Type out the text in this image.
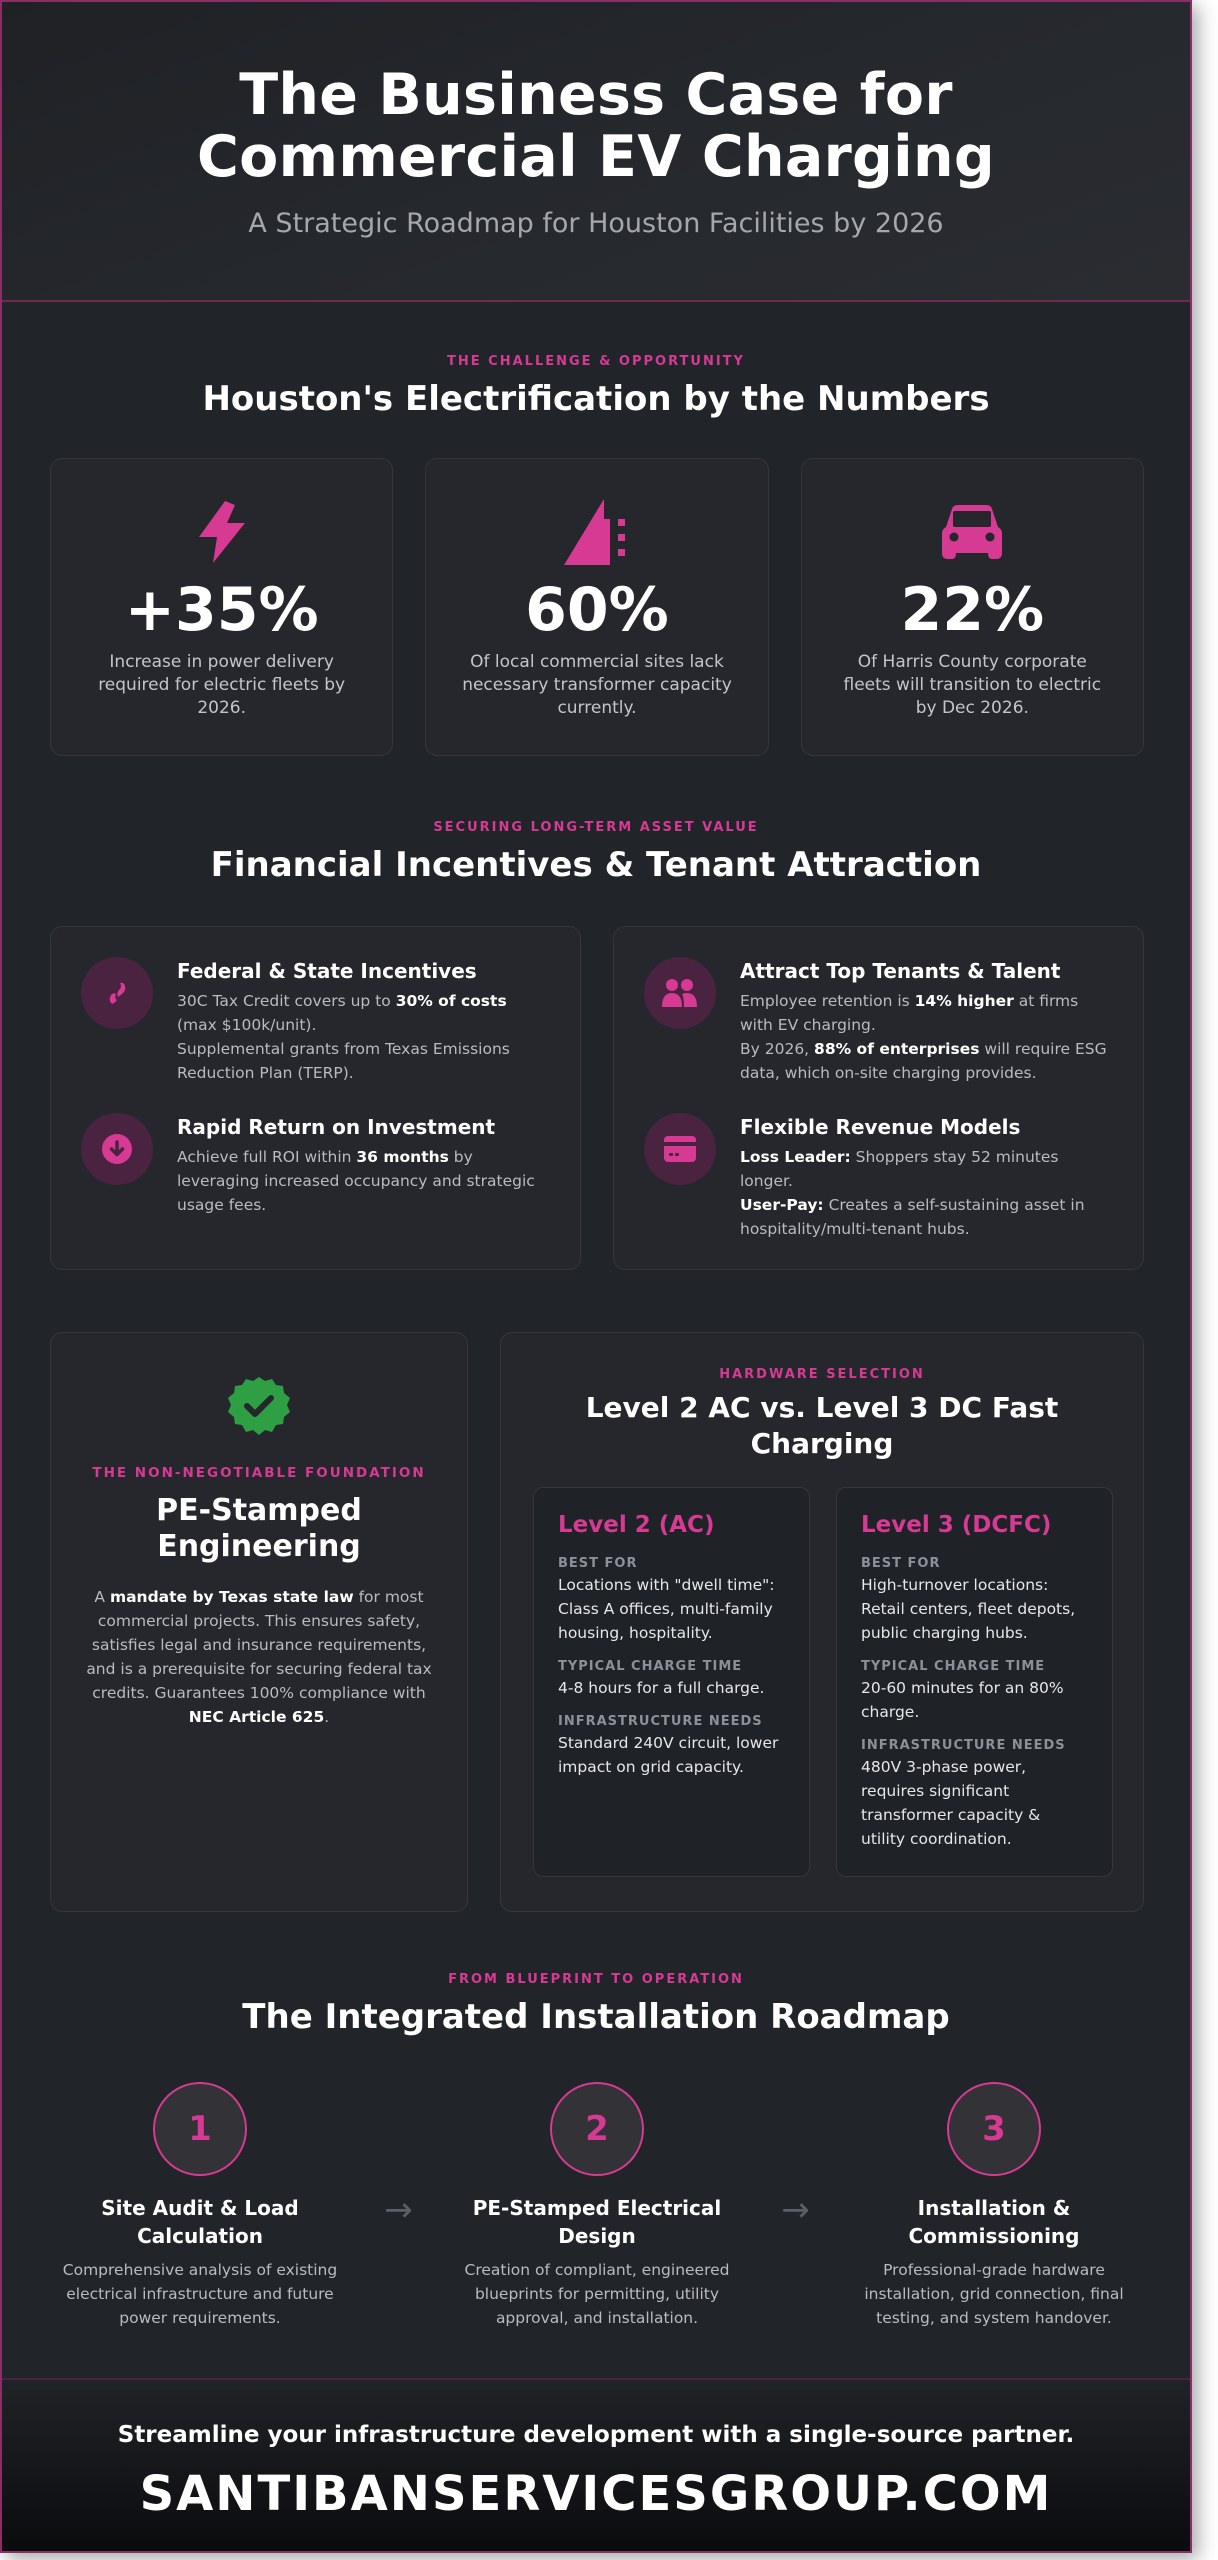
The Business Case for
Commercial EV Charging
A Strategic Roadmap for Houston Facilities by 2026
THE CHALLENGE & OPPORTUNITY
Houston's Electrification by the Numbers
+35%
Increase in power delivery required for electric fleets by 2026.
60%
Of local commercial sites lack necessary transformer capacity currently.
22%
Of Harris County corporate fleets will transition to electric by Dec 2026.
SECURING LONG-TERM ASSET VALUE
Financial Incentives & Tenant Attraction
Federal & State Incentives
30C Tax Credit covers up to 30% of costs (max $100k/unit).
Supplemental grants from Texas Emissions Reduction Plan (TERP).
Rapid Return on Investment
Achieve full ROI within 36 months by leveraging increased occupancy and strategic usage fees.
Attract Top Tenants & Talent
Employee retention is 14% higher at firms with EV charging.
By 2026, 88% of enterprises will require ESG data, which on-site charging provides.
Flexible Revenue Models
Loss Leader: Shoppers stay 52 minutes longer.
User-Pay: Creates a self-sustaining asset in hospitality/multi-tenant hubs.
THE NON-NEGOTIABLE FOUNDATION
PE-Stamped
Engineering

A mandate by Texas state law for most commercial projects. This ensures safety, satisfies legal and insurance requirements, and is a prerequisite for securing federal tax credits. Guarantees 100% compliance with NEC Article 625.

HARDWARE SELECTION
Level 2 AC vs. Level 3 DC Fast
Charging
Level 2 (AC)
BEST FOR
Locations with "dwell time": Class A offices, multi-family housing, hospitality.
TYPICAL CHARGE TIME
4-8 hours for a full charge.
INFRASTRUCTURE NEEDS
Standard 240V circuit, lower impact on grid capacity.
Level 3 (DCFC)
BEST FOR
High-turnover locations: Retail centers, fleet depots, public charging hubs.
TYPICAL CHARGE TIME
20-60 minutes for an 80% charge.
INFRASTRUCTURE NEEDS
480V 3-phase power, requires significant transformer capacity & utility coordination.
FROM BLUEPRINT TO OPERATION
The Integrated Installation Roadmap
1
Site Audit & Load Calculation
Comprehensive analysis of existing electrical infrastructure and future power requirements.
→
2
PE-Stamped Electrical Design
Creation of compliant, engineered blueprints for permitting, utility approval, and installation.
→
3
Installation & Commissioning
Professional-grade hardware installation, grid connection, final testing, and system handover.
Streamline your infrastructure development with a single-source partner.
SANTIBANSERVICESGROUP.COM
